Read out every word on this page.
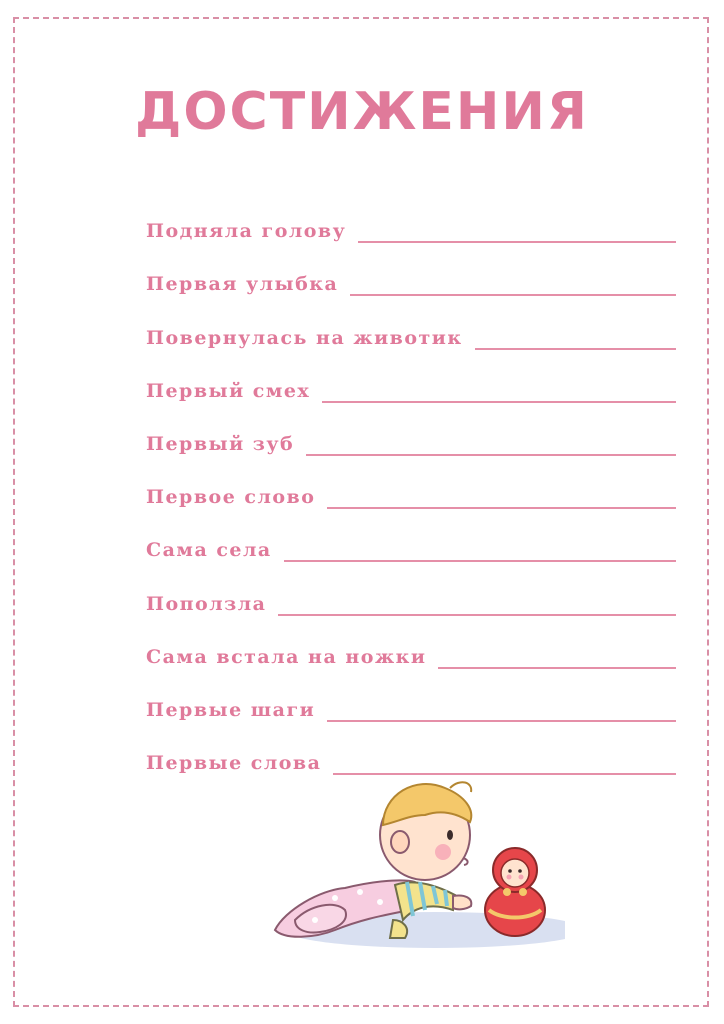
ДОСТИЖЕНИЯ
Подняла голову
Первая улыбка
Повернулась на животик
Первый смех
Первый зуб
Первое слово
Сама села
Поползла
Сама встала на ножки
Первые шаги
Первые слова
